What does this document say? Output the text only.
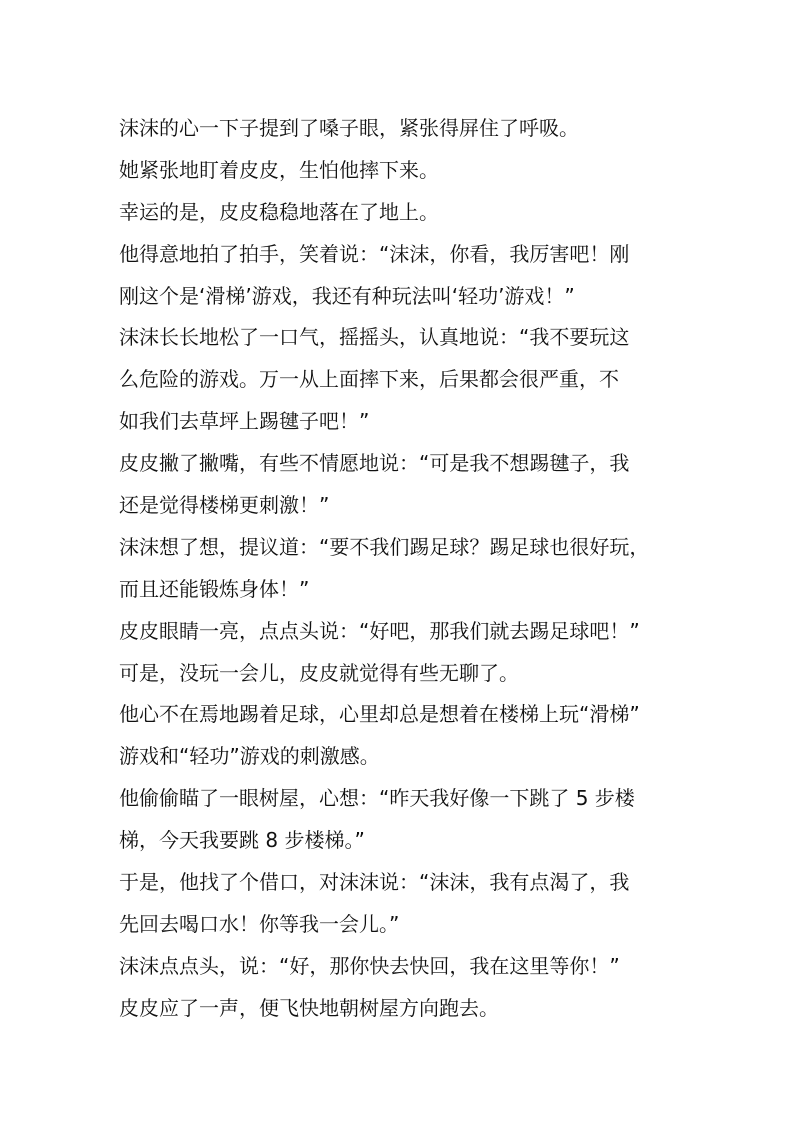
沫沫的心一下子提到了嗓子眼，紧张得屏住了呼吸。
她紧张地盯着皮皮，生怕他摔下来。
幸运的是，皮皮稳稳地落在了地上。
他得意地拍了拍手，笑着说：“沫沫，你看，我厉害吧！刚
刚这个是‘滑梯’游戏，我还有种玩法叫‘轻功’游戏！”
沫沫长长地松了一口气，摇摇头，认真地说：“我不要玩这
么危险的游戏。万一从上面摔下来，后果都会很严重，不
如我们去草坪上踢毽子吧！”
皮皮撇了撇嘴，有些不情愿地说：“可是我不想踢毽子，我
还是觉得楼梯更刺激！”
沫沫想了想，提议道：“要不我们踢足球？踢足球也很好玩，
而且还能锻炼身体！”
皮皮眼睛一亮，点点头说：“好吧，那我们就去踢足球吧！”
可是，没玩一会儿，皮皮就觉得有些无聊了。
他心不在焉地踢着足球，心里却总是想着在楼梯上玩“滑梯”
游戏和“轻功”游戏的刺激感。
他偷偷瞄了一眼树屋，心想：“昨天我好像一下跳了 5 步楼
梯，今天我要跳 8 步楼梯。”
于是，他找了个借口，对沫沫说：“沫沫，我有点渴了，我
先回去喝口水！你等我一会儿。”
沫沫点点头，说：“好，那你快去快回，我在这里等你！”
皮皮应了一声，便飞快地朝树屋方向跑去。
